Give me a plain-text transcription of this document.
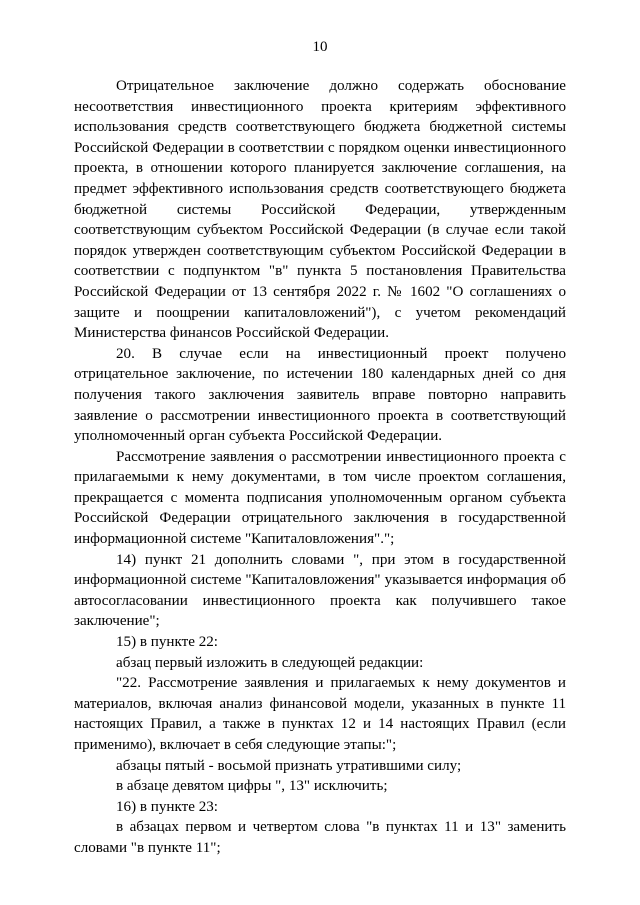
10

Отрицательное заключение должно содержать обоснование несоответствия инвестиционного проекта критериям эффективного использования средств соответствующего бюджета бюджетной системы Российской Федерации в соответствии с порядком оценки инвестиционного проекта, в отношении которого планируется заключение соглашения, на предмет эффективного использования средств соответствующего бюджета бюджетной системы Российской Федерации, утвержденным соответствующим субъектом Российской Федерации (в случае если такой порядок утвержден соответствующим субъектом Российской Федерации в соответствии с подпунктом "в" пункта 5 постановления Правительства Российской Федерации от 13 сентября 2022 г. № 1602 "О соглашениях о защите и поощрении капиталовложений"), с учетом рекомендаций Министерства финансов Российской Федерации.

20. В случае если на инвестиционный проект получено отрицательное заключение, по истечении 180 календарных дней со дня получения такого заключения заявитель вправе повторно направить заявление о рассмотрении инвестиционного проекта в соответствующий уполномоченный орган субъекта Российской Федерации.

Рассмотрение заявления о рассмотрении инвестиционного проекта с прилагаемыми к нему документами, в том числе проектом соглашения, прекращается с момента подписания уполномоченным органом субъекта Российской Федерации отрицательного заключения в государственной информационной системе "Капиталовложения".";

14) пункт 21 дополнить словами ", при этом в государственной информационной системе "Капиталовложения" указывается информация об автосогласовании инвестиционного проекта как получившего такое заключение";

15) в пункте 22:

абзац первый изложить в следующей редакции:

"22. Рассмотрение заявления и прилагаемых к нему документов и материалов, включая анализ финансовой модели, указанных в пункте 11 настоящих Правил, а также в пунктах 12 и 14 настоящих Правил (если применимо), включает в себя следующие этапы:";

абзацы пятый - восьмой признать утратившими силу;

в абзаце девятом цифры ", 13" исключить;

16) в пункте 23:

в абзацах первом и четвертом слова "в пунктах 11 и 13" заменить словами "в пункте 11";
